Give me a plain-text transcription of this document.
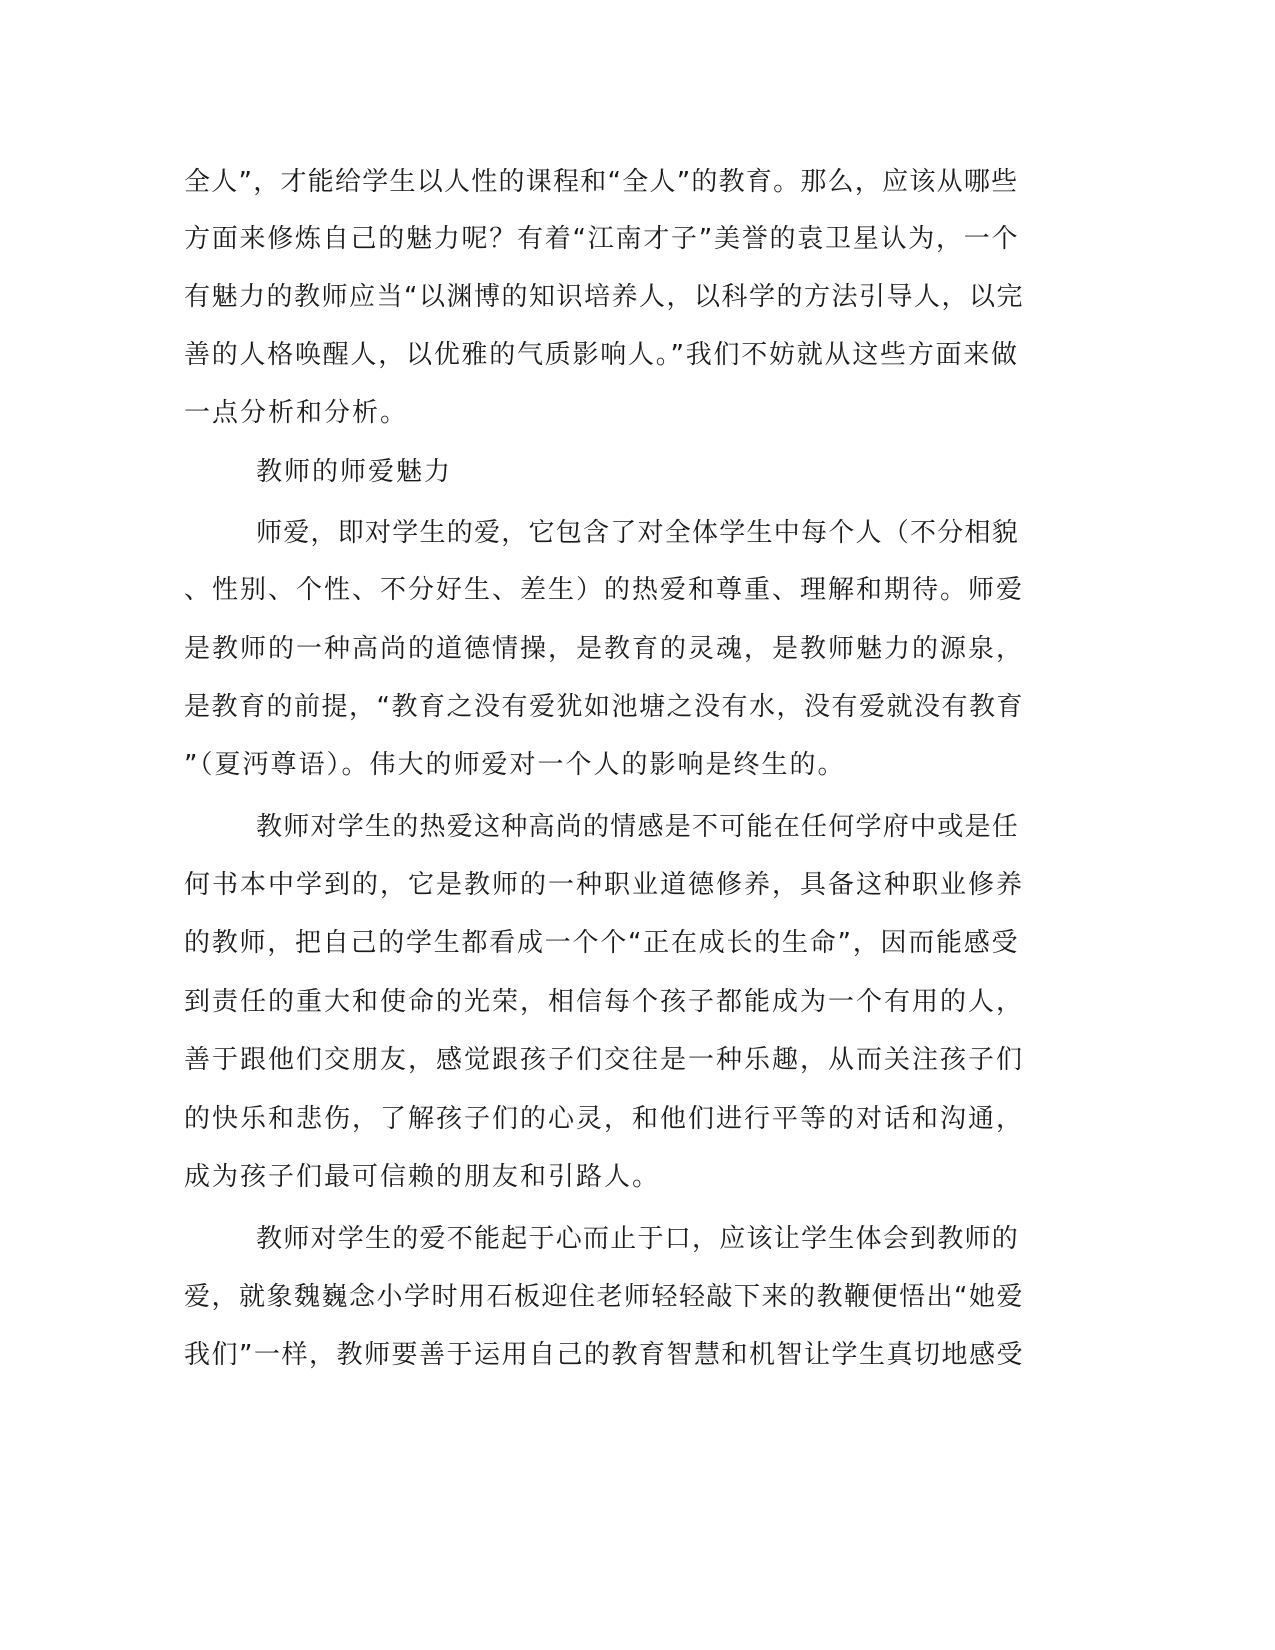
全人”，才能给学生以人性的课程和“全人”的教育。那么，应该从哪些
方面来修炼自己的魅力呢？有着“江南才子”美誉的袁卫星认为，一个
有魅力的教师应当“以渊博的知识培养人，以科学的方法引导人，以完
善的人格唤醒人，以优雅的气质影响人。”我们不妨就从这些方面来做
一点分析和分析。
教师的师爱魅力
师爱，即对学生的爱，它包含了对全体学生中每个人（不分相貌
、性别、个性、不分好生、差生）的热爱和尊重、理解和期待。师爱
是教师的一种高尚的道德情操，是教育的灵魂，是教师魅力的源泉，
是教育的前提，“教育之没有爱犹如池塘之没有水，没有爱就没有教育
”（夏沔尊语）。伟大的师爱对一个人的影响是终生的。
教师对学生的热爱这种高尚的情感是不可能在任何学府中或是任
何书本中学到的，它是教师的一种职业道德修养，具备这种职业修养
的教师，把自己的学生都看成一个个“正在成长的生命”，因而能感受
到责任的重大和使命的光荣，相信每个孩子都能成为一个有用的人，
善于跟他们交朋友，感觉跟孩子们交往是一种乐趣，从而关注孩子们
的快乐和悲伤，了解孩子们的心灵，和他们进行平等的对话和沟通，
成为孩子们最可信赖的朋友和引路人。
教师对学生的爱不能起于心而止于口，应该让学生体会到教师的
爱，就象魏巍念小学时用石板迎住老师轻轻敲下来的教鞭便悟出“她爱
我们”一样，教师要善于运用自己的教育智慧和机智让学生真切地感受
